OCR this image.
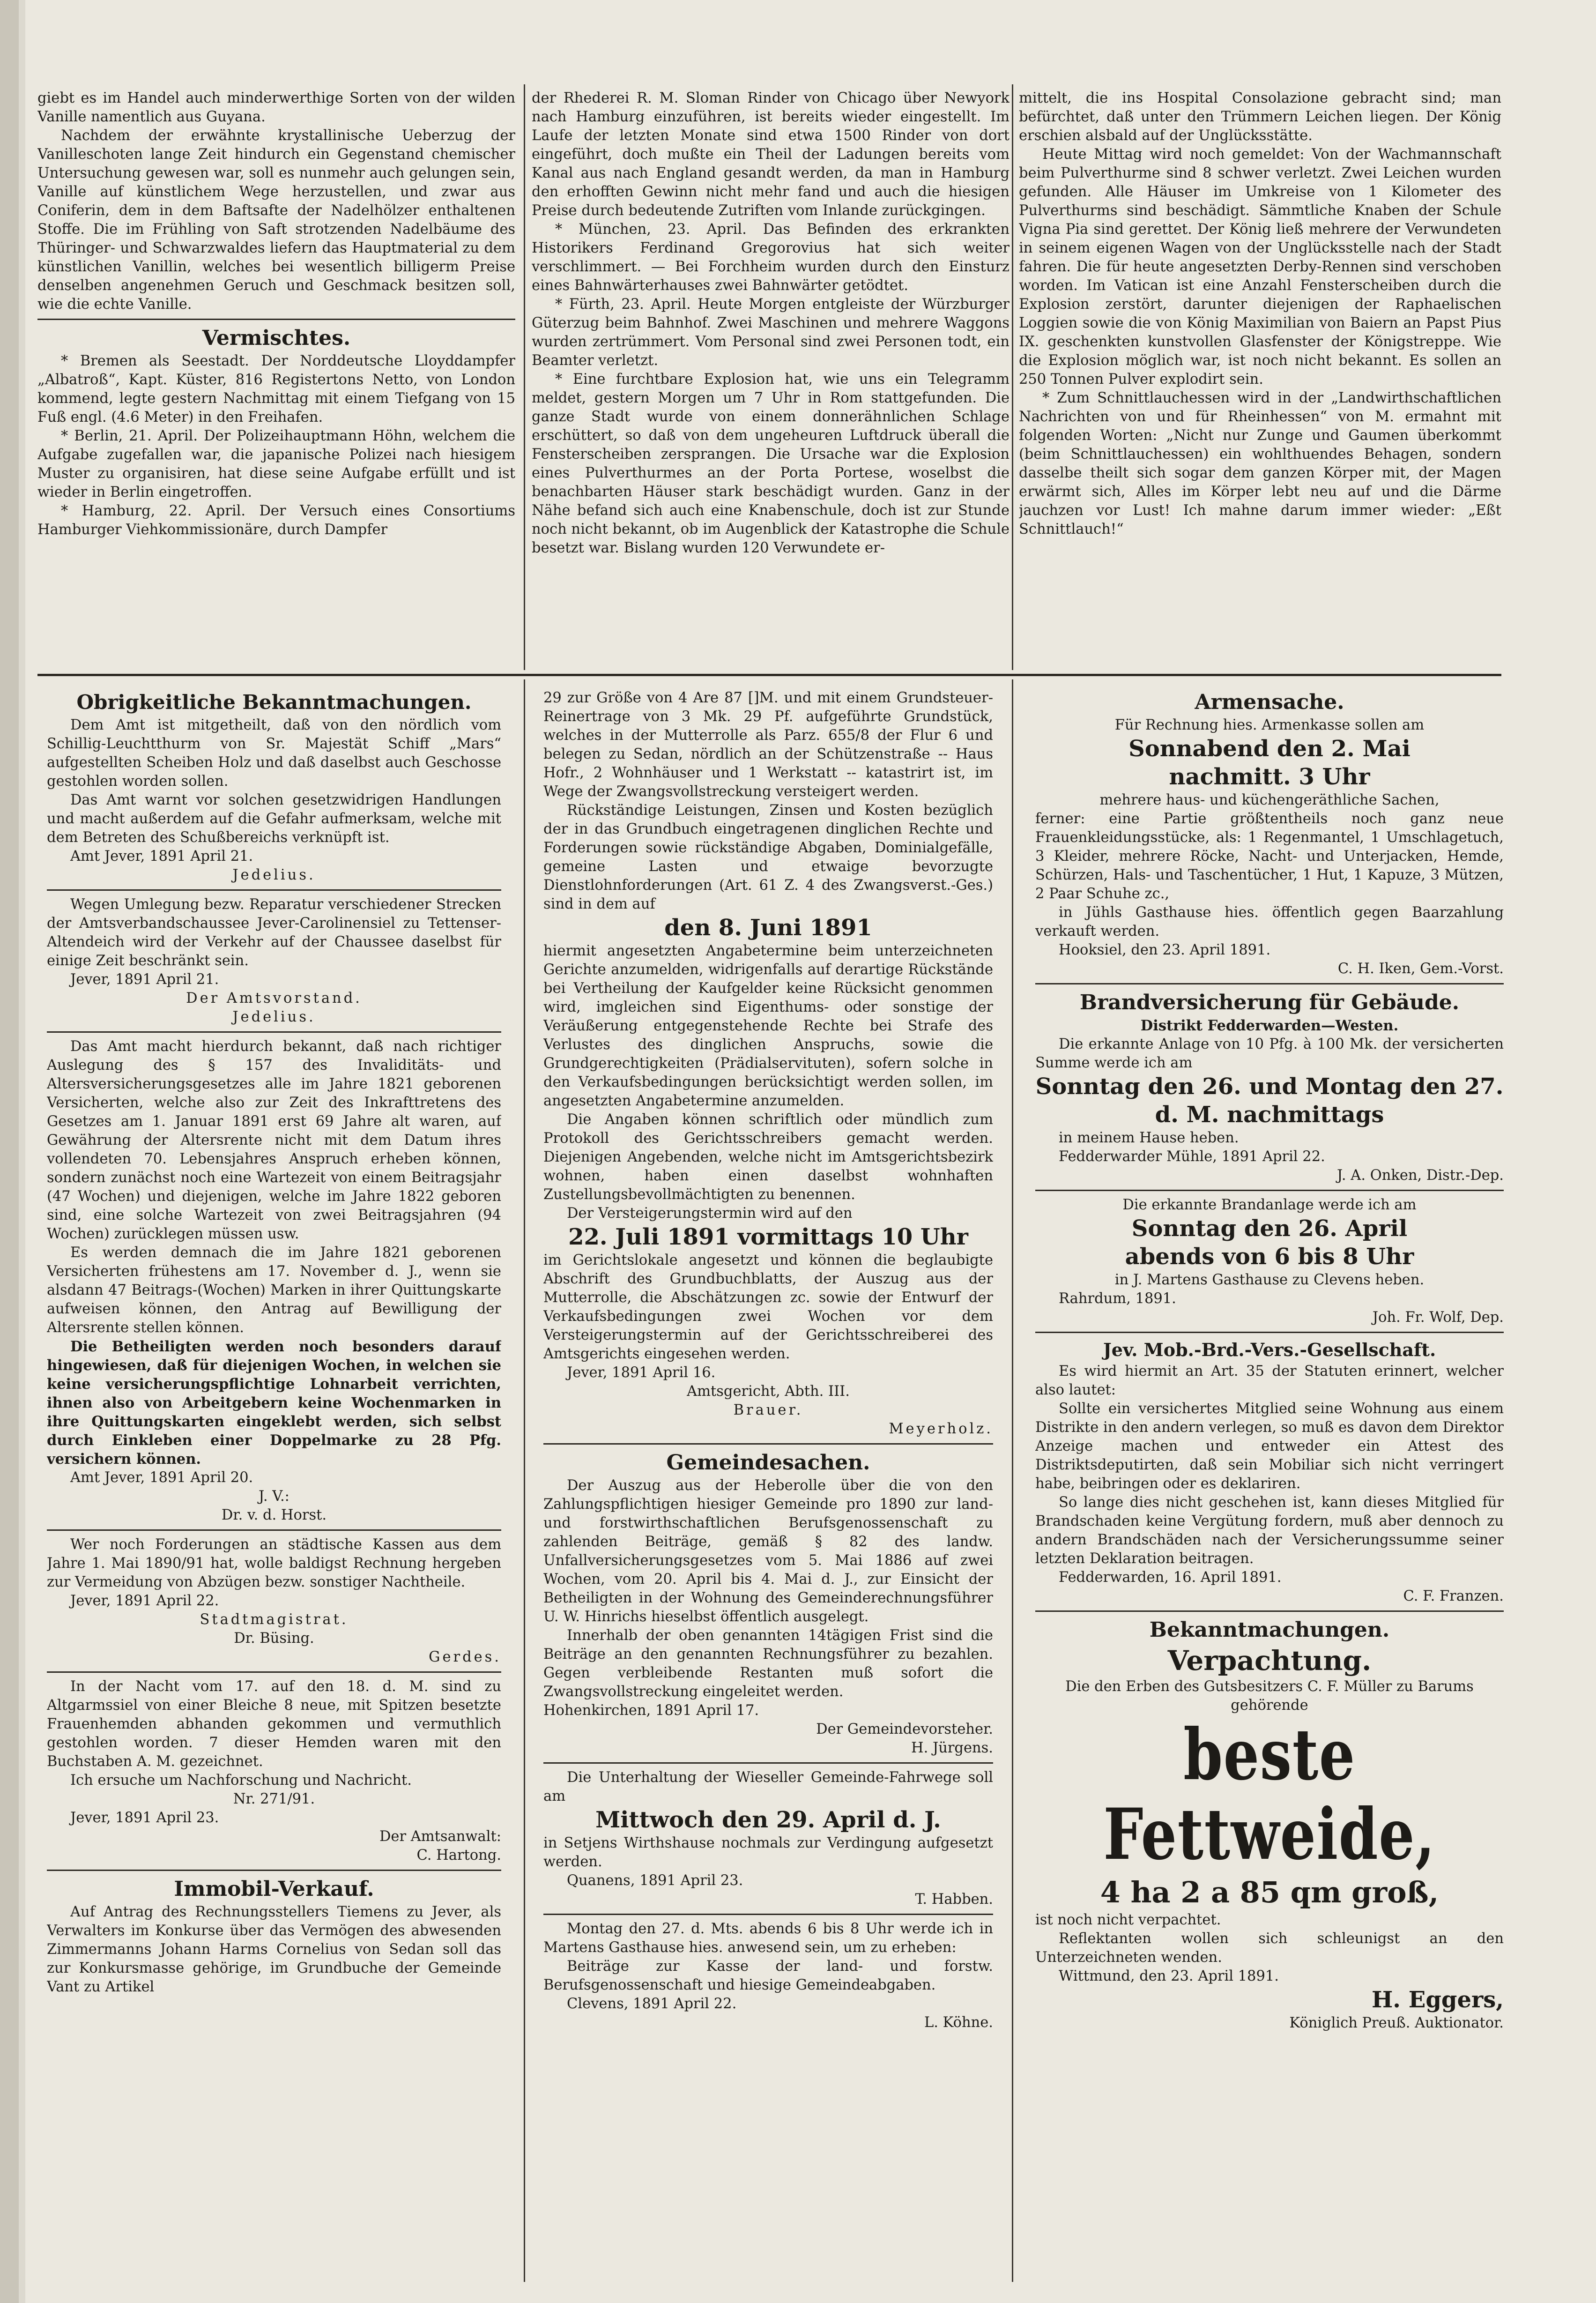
giebt es im Handel auch minderwerthige Sorten von der wilden Vanille namentlich aus Guyana.

Nachdem der erwähnte krystallinische Ueberzug der Vanilleschoten lange Zeit hindurch ein Gegenstand chemischer Untersuchung gewesen war, soll es nunmehr auch gelungen sein, Vanille auf künstlichem Wege herzustellen, und zwar aus Coniferin, dem in dem Baftsafte der Nadelhölzer enthaltenen Stoffe. Die im Frühling von Saft strotzenden Nadelbäume des Thüringer- und Schwarzwaldes liefern das Hauptmaterial zu dem künstlichen Vanillin, welches bei wesentlich billigerm Preise denselben angenehmen Geruch und Geschmack besitzen soll, wie die echte Vanille.

Vermischtes.

* Bremen als Seestadt. Der Norddeutsche Lloyddampfer „Albatroß“, Kapt. Küster, 816 Registertons Netto, von London kommend, legte gestern Nachmittag mit einem Tiefgang von 15 Fuß engl. (4.6 Meter) in den Freihafen.

* Berlin, 21. April. Der Polizeihauptmann Höhn, welchem die Aufgabe zugefallen war, die japanische Polizei nach hiesigem Muster zu organisiren, hat diese seine Aufgabe erfüllt und ist wieder in Berlin eingetroffen.

* Hamburg, 22. April. Der Versuch eines Consortiums Hamburger Viehkommissionäre, durch Dampfer

der Rhederei R. M. Sloman Rinder von Chicago über Newyork nach Hamburg einzuführen, ist bereits wieder eingestellt. Im Laufe der letzten Monate sind etwa 1500 Rinder von dort eingeführt, doch mußte ein Theil der Ladungen bereits vom Kanal aus nach England gesandt werden, da man in Hamburg den erhofften Gewinn nicht mehr fand und auch die hiesigen Preise durch bedeutende Zutriften vom Inlande zurückgingen.

* München, 23. April. Das Befinden des erkrankten Historikers Ferdinand Gregorovius hat sich weiter verschlimmert. — Bei Forchheim wurden durch den Einsturz eines Bahnwärterhauses zwei Bahnwärter getödtet.

* Fürth, 23. April. Heute Morgen entgleiste der Würzburger Güterzug beim Bahnhof. Zwei Maschinen und mehrere Waggons wurden zertrümmert. Vom Personal sind zwei Personen todt, ein Beamter verletzt.

* Eine furchtbare Explosion hat, wie uns ein Telegramm meldet, gestern Morgen um 7 Uhr in Rom stattgefunden. Die ganze Stadt wurde von einem donnerähnlichen Schlage erschüttert, so daß von dem ungeheuren Luftdruck überall die Fensterscheiben zersprangen. Die Ursache war die Explosion eines Pulverthurmes an der Porta Portese, woselbst die benachbarten Häuser stark beschädigt wurden. Ganz in der Nähe befand sich auch eine Knabenschule, doch ist zur Stunde noch nicht bekannt, ob im Augenblick der Katastrophe die Schule besetzt war. Bislang wurden 120 Verwundete er-

mittelt, die ins Hospital Consolazione gebracht sind; man befürchtet, daß unter den Trümmern Leichen liegen. Der König erschien alsbald auf der Unglücksstätte.

Heute Mittag wird noch gemeldet: Von der Wachmannschaft beim Pulverthurme sind 8 schwer verletzt. Zwei Leichen wurden gefunden. Alle Häuser im Umkreise von 1 Kilometer des Pulverthurms sind beschädigt. Sämmtliche Knaben der Schule Vigna Pia sind gerettet. Der König ließ mehrere der Verwundeten in seinem eigenen Wagen von der Unglücksstelle nach der Stadt fahren. Die für heute angesetzten Derby-Rennen sind verschoben worden. Im Vatican ist eine Anzahl Fensterscheiben durch die Explosion zerstört, darunter diejenigen der Raphaelischen Loggien sowie die von König Maximilian von Baiern an Papst Pius IX. geschenkten kunstvollen Glasfenster der Königstreppe. Wie die Explosion möglich war, ist noch nicht bekannt. Es sollen an 250 Tonnen Pulver explodirt sein.

* Zum Schnittlauchessen wird in der „Landwirthschaftlichen Nachrichten von und für Rheinhessen“ von M. ermahnt mit folgenden Worten: „Nicht nur Zunge und Gaumen überkommt (beim Schnittlauchessen) ein wohlthuendes Behagen, sondern dasselbe theilt sich sogar dem ganzen Körper mit, der Magen erwärmt sich, Alles im Körper lebt neu auf und die Därme jauchzen vor Lust! Ich mahne darum immer wieder: „Eßt Schnittlauch!“

Obrigkeitliche Bekanntmachungen.

Dem Amt ist mitgetheilt, daß von den nördlich vom Schillig-Leuchtthurm von Sr. Majestät Schiff „Mars“ aufgestellten Scheiben Holz und daß daselbst auch Geschosse gestohlen worden sollen.

Das Amt warnt vor solchen gesetzwidrigen Handlungen und macht außerdem auf die Gefahr aufmerksam, welche mit dem Betreten des Schußbereichs verknüpft ist.

Amt Jever, 1891 April 21.

Jedelius.

Wegen Umlegung bezw. Reparatur verschiedener Strecken der Amtsverbandschaussee Jever-Carolinensiel zu Tettenser-Altendeich wird der Verkehr auf der Chaussee daselbst für einige Zeit beschränkt sein.

Jever, 1891 April 21.

Der Amtsvorstand.

Jedelius.

Das Amt macht hierdurch bekannt, daß nach richtiger Auslegung des § 157 des Invaliditäts- und Altersversicherungsgesetzes alle im Jahre 1821 geborenen Versicherten, welche also zur Zeit des Inkrafttretens des Gesetzes am 1. Januar 1891 erst 69 Jahre alt waren, auf Gewährung der Altersrente nicht mit dem Datum ihres vollendeten 70. Lebensjahres Anspruch erheben können, sondern zunächst noch eine Wartezeit von einem Beitragsjahr (47 Wochen) und diejenigen, welche im Jahre 1822 geboren sind, eine solche Wartezeit von zwei Beitragsjahren (94 Wochen) zurücklegen müssen usw.

Es werden demnach die im Jahre 1821 geborenen Versicherten frühestens am 17. November d. J., wenn sie alsdann 47 Beitrags-(Wochen) Marken in ihrer Quittungskarte aufweisen können, den Antrag auf Bewilligung der Altersrente stellen können.

Die Betheiligten werden noch besonders darauf hingewiesen, daß für diejenigen Wochen, in welchen sie keine versicherungspflichtige Lohnarbeit verrichten, ihnen also von Arbeitgebern keine Wochenmarken in ihre Quittungskarten eingeklebt werden, sich selbst durch Einkleben einer Doppelmarke zu 28 Pfg. versichern können.

Amt Jever, 1891 April 20.

J. V.:

Dr. v. d. Horst.

Wer noch Forderungen an städtische Kassen aus dem Jahre 1. Mai 1890/91 hat, wolle baldigst Rechnung hergeben zur Vermeidung von Abzügen bezw. sonstiger Nachtheile.

Jever, 1891 April 22.

Stadtmagistrat.

Dr. Büsing.

Gerdes.

In der Nacht vom 17. auf den 18. d. M. sind zu Altgarmssiel von einer Bleiche 8 neue, mit Spitzen besetzte Frauenhemden abhanden gekommen und vermuthlich gestohlen worden. 7 dieser Hemden waren mit den Buchstaben A. M. gezeichnet.

Ich ersuche um Nachforschung und Nachricht.

Nr. 271/91.

Jever, 1891 April 23.

Der Amtsanwalt:

C. Hartong.

Immobil-Verkauf.

Auf Antrag des Rechnungsstellers Tiemens zu Jever, als Verwalters im Konkurse über das Vermögen des abwesenden Zimmermanns Johann Harms Cornelius von Sedan soll das zur Konkursmasse gehörige, im Grundbuche der Gemeinde Vant zu Artikel

29 zur Größe von 4 Are 87 []M. und mit einem Grundsteuer-Reinertrage von 3 Mk. 29 Pf. aufgeführte Grundstück, welches in der Mutterrolle als Parz. 655/8 der Flur 6 und belegen zu Sedan, nördlich an der Schützenstraße -- Haus Hofr., 2 Wohnhäuser und 1 Werkstatt -- katastrirt ist, im Wege der Zwangsvollstreckung versteigert werden.

Rückständige Leistungen, Zinsen und Kosten bezüglich der in das Grundbuch eingetragenen dinglichen Rechte und Forderungen sowie rückständige Abgaben, Dominialgefälle, gemeine Lasten und etwaige bevorzugte Dienstlohnforderungen (Art. 61 Z. 4 des Zwangsverst.-Ges.) sind in dem auf

den 8. Juni 1891

hiermit angesetzten Angabetermine beim unterzeichneten Gerichte anzumelden, widrigenfalls auf derartige Rückstände bei Vertheilung der Kaufgelder keine Rücksicht genommen wird, imgleichen sind Eigenthums- oder sonstige der Veräußerung entgegenstehende Rechte bei Strafe des Verlustes des dinglichen Anspruchs, sowie die Grundgerechtigkeiten (Prädialservituten), sofern solche in den Verkaufsbedingungen berücksichtigt werden sollen, im angesetzten Angabetermine anzumelden.

Die Angaben können schriftlich oder mündlich zum Protokoll des Gerichtsschreibers gemacht werden. Diejenigen Angebenden, welche nicht im Amtsgerichtsbezirk wohnen, haben einen daselbst wohnhaften Zustellungsbevollmächtigten zu benennen.

Der Versteigerungstermin wird auf den

22. Juli 1891 vormittags 10 Uhr

im Gerichtslokale angesetzt und können die beglaubigte Abschrift des Grundbuchblatts, der Auszug aus der Mutterrolle, die Abschätzungen zc. sowie der Entwurf der Verkaufsbedingungen zwei Wochen vor dem Versteigerungstermin auf der Gerichtsschreiberei des Amtsgerichts eingesehen werden.

Jever, 1891 April 16.

Amtsgericht, Abth. III.

Brauer.

Meyerholz.

Gemeindesachen.

Der Auszug aus der Heberolle über die von den Zahlungspflichtigen hiesiger Gemeinde pro 1890 zur land- und forstwirthschaftlichen Berufsgenossenschaft zu zahlenden Beiträge, gemäß § 82 des landw. Unfallversicherungsgesetzes vom 5. Mai 1886 auf zwei Wochen, vom 20. April bis 4. Mai d. J., zur Einsicht der Betheiligten in der Wohnung des Gemeinderechnungsführer U. W. Hinrichs hieselbst öffentlich ausgelegt.

Innerhalb der oben genannten 14tägigen Frist sind die Beiträge an den genannten Rechnungsführer zu bezahlen. Gegen verbleibende Restanten muß sofort die Zwangsvollstreckung eingeleitet werden.

Hohenkirchen, 1891 April 17.

Der Gemeindevorsteher.

H. Jürgens.

Die Unterhaltung der Wieseller Gemeinde-Fahrwege soll am

Mittwoch den 29. April d. J.

in Setjens Wirthshause nochmals zur Verdingung aufgesetzt werden.

Quanens, 1891 April 23.

T. Habben.

Montag den 27. d. Mts. abends 6 bis 8 Uhr werde ich in Martens Gasthause hies. anwesend sein, um zu erheben:

Beiträge zur Kasse der land- und forstw. Berufsgenossenschaft und hiesige Gemeindeabgaben.

Clevens, 1891 April 22.

L. Köhne.

Armensache.

Für Rechnung hies. Armenkasse sollen am

Sonnabend den 2. Mai

nachmitt. 3 Uhr

mehrere haus- und küchengeräthliche Sachen,

ferner: eine Partie größtentheils noch ganz neue Frauenkleidungsstücke, als: 1 Regenmantel, 1 Umschlagetuch, 3 Kleider, mehrere Röcke, Nacht- und Unterjacken, Hemde, Schürzen, Hals- und Taschentücher, 1 Hut, 1 Kapuze, 3 Mützen, 2 Paar Schuhe zc.,

in Jühls Gasthause hies. öffentlich gegen Baarzahlung verkauft werden.

Hooksiel, den 23. April 1891.

C. H. Iken, Gem.-Vorst.

Brandversicherung für Gebäude.

Distrikt Fedderwarden—Westen.

Die erkannte Anlage von 10 Pfg. à 100 Mk. der versicherten Summe werde ich am

Sonntag den 26. und Montag den 27. d. M. nachmittags

in meinem Hause heben.

Fedderwarder Mühle, 1891 April 22.

J. A. Onken, Distr.-Dep.

Die erkannte Brandanlage werde ich am

Sonntag den 26. April

abends von 6 bis 8 Uhr

in J. Martens Gasthause zu Clevens heben.

Rahrdum, 1891.

Joh. Fr. Wolf, Dep.

Jev. Mob.-Brd.-Vers.-Gesellschaft.

Es wird hiermit an Art. 35 der Statuten erinnert, welcher also lautet:

Sollte ein versichertes Mitglied seine Wohnung aus einem Distrikte in den andern verlegen, so muß es davon dem Direktor Anzeige machen und entweder ein Attest des Distriktsdeputirten, daß sein Mobiliar sich nicht verringert habe, beibringen oder es deklariren.

So lange dies nicht geschehen ist, kann dieses Mitglied für Brandschaden keine Vergütung fordern, muß aber dennoch zu andern Brandschäden nach der Versicherungssumme seiner letzten Deklaration beitragen.

Fedderwarden, 16. April 1891.

C. F. Franzen.

Bekanntmachungen.

Verpachtung.

Die den Erben des Gutsbesitzers C. F. Müller zu Barums gehörende

beste Fettweide,

4 ha 2 a 85 qm groß,

ist noch nicht verpachtet.

Reflektanten wollen sich schleunigst an den Unterzeichneten wenden.

Wittmund, den 23. April 1891.

H. Eggers,

Königlich Preuß. Auktionator.
